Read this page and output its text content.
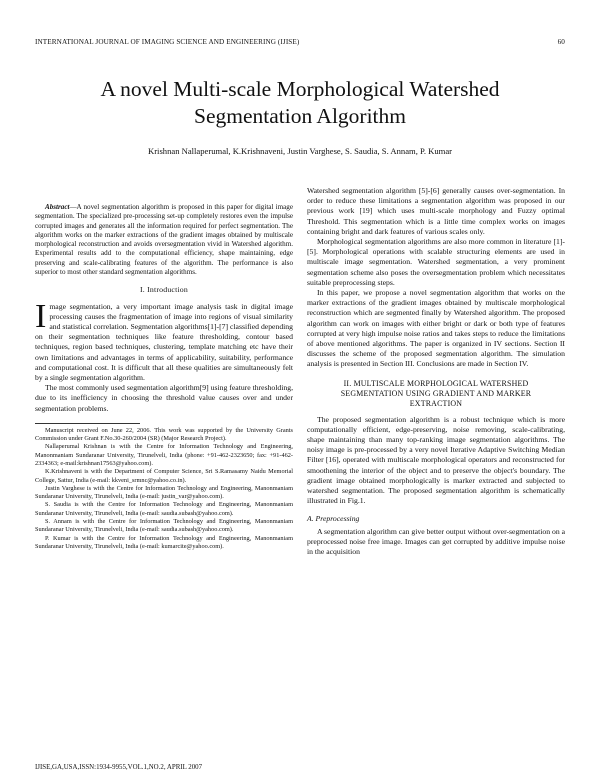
INTERNATIONAL JOURNAL OF IMAGING SCIENCE AND ENGINEERING (IJISE)	60
A novel Multi-scale Morphological Watershed
Segmentation Algorithm
Krishnan Nallaperumal, K.Krishnaveni, Justin Varghese, S. Saudia, S. Annam, P. Kumar

Abstract—A novel segmentation algorithm is proposed in this paper for digital image segmentation. The specialized pre-processing set-up completely restores even the impulse corrupted images and generates all the information required for perfect segmentation. The algorithm works on the marker extractions of the gradient images obtained by multiscale morphological reconstruction and avoids oversegmentation vivid in Watershed algorithm. Experimental results add to the computational efficiency, shape maintaining, edge preserving and scale-calibrating features of the algorithm. The performance is also superior to most other standard segmentation algorithms.

I. Introduction

Image segmentation, a very important image analysis task in digital image processing causes the fragmentation of image into regions of visual similarity and statistical correlation. Segmentation algorithms[1]-[7] classified depending on their segmentation techniques like feature thresholding, contour based techniques, region based techniques, clustering, template matching etc have their own limitations and advantages in terms of applicability, suitability, performance and computational cost. It is difficult that all these qualities are simultaneously felt by a single segmentation algorithm.

The most commonly used segmentation algorithm[9] using feature thresholding, due to its inefficiency in choosing the threshold value causes over and under segmentation problems.

Manuscript received on June 22, 2006. This work was supported by the University Grants Commission under Grant F.No.30-260/2004 (SR) (Major Research Project).

Nallaperumal Krishnan is with the Centre for Information Technology and Engineering, Manonmaniam Sundaranar University, Tirunelveli, India (phone: +91-462-2323650; fax: +91-462-2334363; e-mail:krishnan17563@yahoo.com).

K.Krishnaveni is with the Department of Computer Science, Sri S.Ramasamy Naidu Memorial College, Sattur, India (e-mail: kkveni_srmnc@yahoo.co.in).

Justin Varghese is with the Centre for Information Technology and Engineering, Manonmaniam Sundaranar University, Tirunelveli, India (e-mail: justin_var@yahoo.com).

S. Saudia is with the Centre for Information Technology and Engineering, Manonmaniam Sundaranar University, Tirunelveli, India (e-mail: saudia.subash@yahoo.com).

S. Annam is with the Centre for Information Technology and Engineering, Manonmaniam Sundaranar University, Tirunelveli, India (e-mail: saudia.subash@yahoo.com).

P. Kumar is with the Centre for Information Technology and Engineering, Manonmaniam Sundaranar University, Tirunelveli, India (e-mail: kumarcite@yahoo.com).

Watershed segmentation algorithm [5]-[6] generally causes over-segmentation. In order to reduce these limitations a segmentation algorithm was proposed in our previous work [19] which uses multi-scale morphology and Fuzzy optimal Threshold. This segmentation which is a little time complex works on images containing bright and dark features of various scales only.

Morphological segmentation algorithms are also more common in literature [1]-[5]. Morphological operations with scalable structuring elements are used in multiscale image segmentation. Watershed segmentation, a very prominent segmentation scheme also poses the oversegmentation problem which necessitates suitable preprocessing steps.

In this paper, we propose a novel segmentation algorithm that works on the marker extractions of the gradient images obtained by multiscale morphological reconstruction which are segmented finally by Watershed algorithm. The proposed algorithm can work on images with either bright or dark or both type of features corrupted at very high impulse noise ratios and takes steps to reduce the limitations of above mentioned algorithms. The paper is organized in IV sections. Section II discusses the scheme of the proposed segmentation algorithm. The simulation analysis is presented in Section III. Conclusions are made in Section IV.

II. MULTISCALE MORPHOLOGICAL WATERSHED
SEGMENTATION USING GRADIENT AND MARKER
EXTRACTION

The proposed segmentation algorithm is a robust technique which is more computationally efficient, edge-preserving, noise removing, scale-calibrating, shape maintaining than many top-ranking image segmentation algorithms. The noisy image is pre-processed by a very novel Iterative Adaptive Switching Median Filter [16], operated with multiscale morphological operators and reconstructed for smoothening the interior of the object and to preserve the object's boundary. The gradient image obtained morphologically is marker extracted and subjected to watershed segmentation. The proposed segmentation algorithm is schematically illustrated in Fig.1.

A. Preprocessing

A segmentation algorithm can give better output without over-segmentation on a preprocessed noise free image. Images can get corrupted by additive impulse noise in the acquisition

IJISE,GA,USA,ISSN:1934-9955,VOL.1,NO.2, APRIL 2007
